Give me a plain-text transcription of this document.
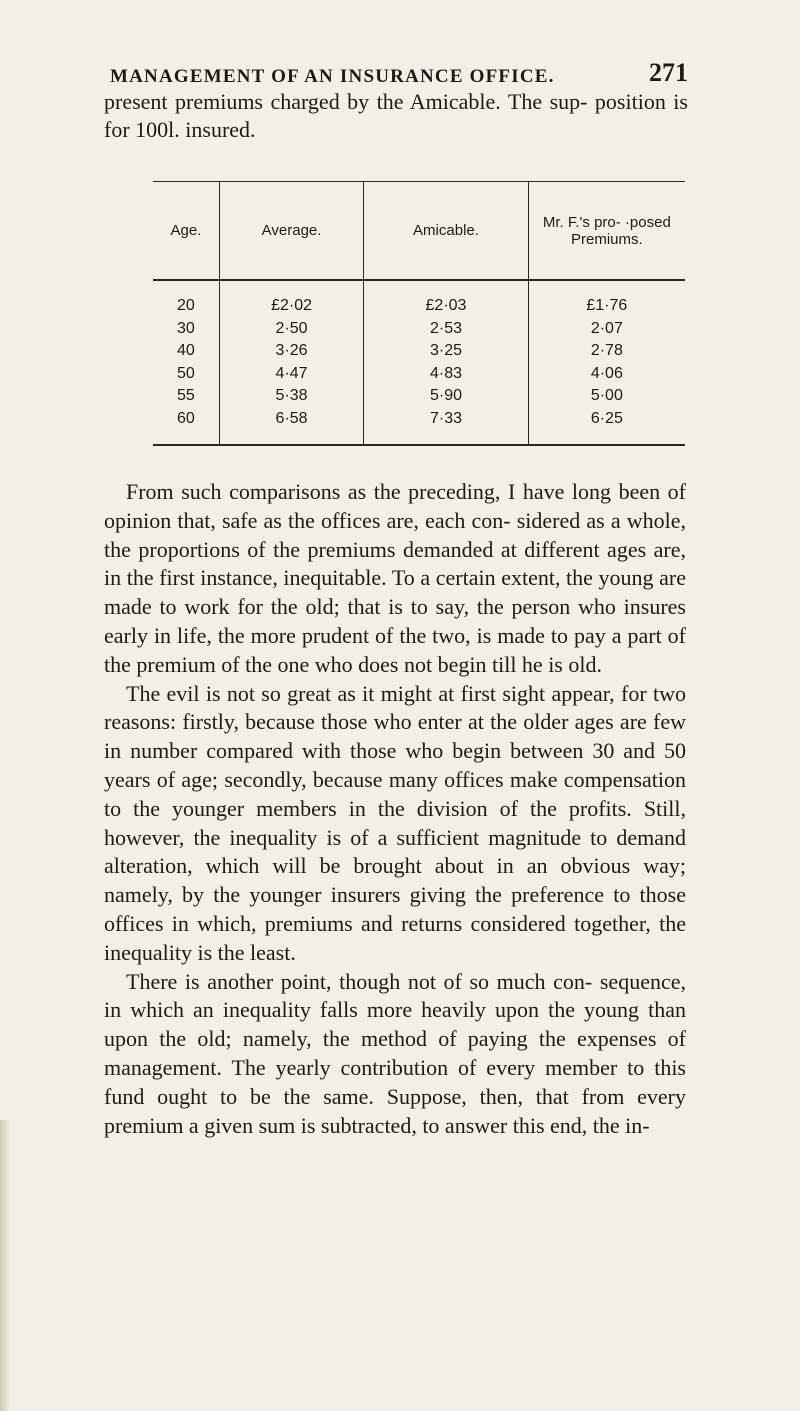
MANAGEMENT OF AN INSURANCE OFFICE.	271
present premiums charged by the Amicable. The sup- position is for 100l. insured.
Age.	Average.	Amicable.	Mr. F.'s pro- ·posed Premiums.
20	£2·02	£2·03	£1·76
30	2·50	2·53	2·07
40	3·26	3·25	2·78
50	4·47	4·83	4·06
55	5·38	5·90	5·00
60	6·58	7·33	6·25

From such comparisons as the preceding, I have long been of opinion that, safe as the offices are, each con- sidered as a whole, the proportions of the premiums demanded at different ages are, in the first instance, inequitable. To a certain extent, the young are made to work for the old; that is to say, the person who insures early in life, the more prudent of the two, is made to pay a part of the premium of the one who does not begin till he is old.

The evil is not so great as it might at first sight appear, for two reasons: firstly, because those who enter at the older ages are few in number compared with those who begin between 30 and 50 years of age; secondly, because many offices make compensation to the younger members in the division of the profits. Still, however, the inequality is of a sufficient magnitude to demand alteration, which will be brought about in an obvious way; namely, by the younger insurers giving the preference to those offices in which, premiums and returns considered together, the inequality is the least.

There is another point, though not of so much con- sequence, in which an inequality falls more heavily upon the young than upon the old; namely, the method of paying the expenses of management. The yearly contribution of every member to this fund ought to be the same. Suppose, then, that from every premium a given sum is subtracted, to answer this end, the in-
